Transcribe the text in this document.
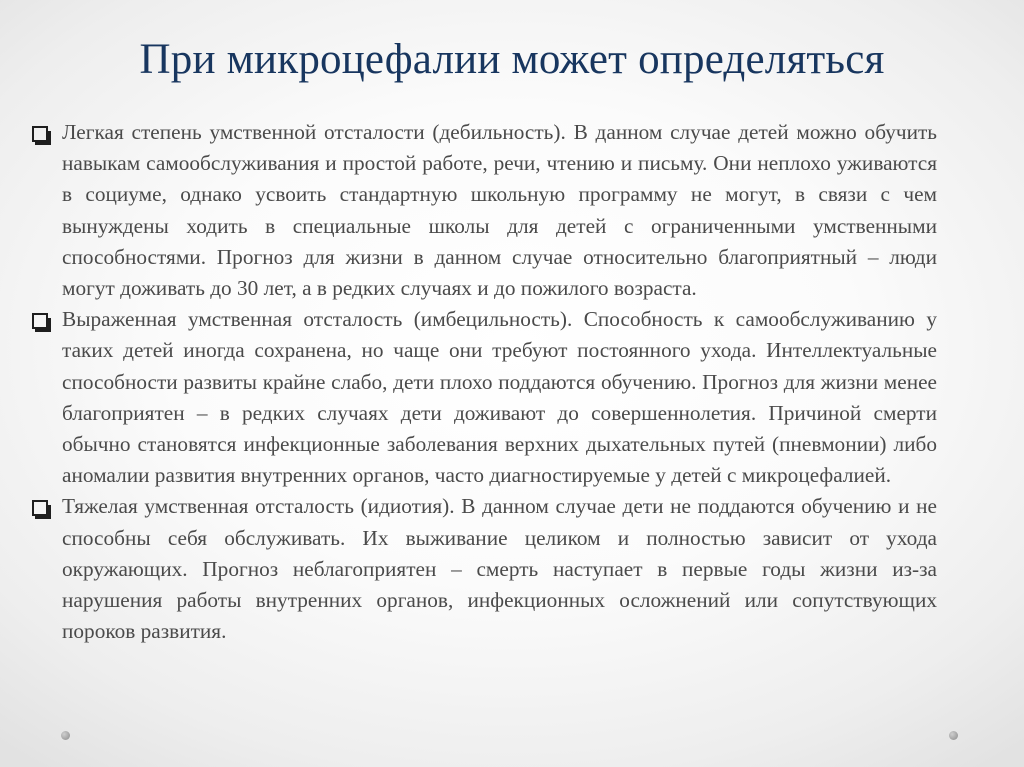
При микроцефалии может определяться
Легкая степень умственной отсталости (дебильность). В данном случае детей можно обучить навыкам самообслуживания и простой работе, речи, чтению и письму. Они неплохо уживаются в социуме, однако усвоить стандартную школьную программу не могут, в связи с чем вынуждены ходить в специальные школы для детей с ограниченными умственными способностями. Прогноз для жизни в данном случае относительно благоприятный – люди могут доживать до 30 лет, а в редких случаях и до пожилого возраста.
Выраженная умственная отсталость (имбецильность). Способность к самообслуживанию у таких детей иногда сохранена, но чаще они требуют постоянного ухода. Интеллектуальные способности развиты крайне слабо, дети плохо поддаются обучению. Прогноз для жизни менее благоприятен – в редких случаях дети доживают до совершеннолетия. Причиной смерти обычно становятся инфекционные заболевания верхних дыхательных путей (пневмонии) либо аномалии развития внутренних органов, часто диагностируемые у детей с микроцефалией.
Тяжелая умственная отсталость (идиотия). В данном случае дети не поддаются обучению и не способны себя обслуживать. Их выживание целиком и полностью зависит от ухода окружающих. Прогноз неблагоприятен – смерть наступает в первые годы жизни из-за нарушения работы внутренних органов, инфекционных осложнений или сопутствующих пороков развития.
